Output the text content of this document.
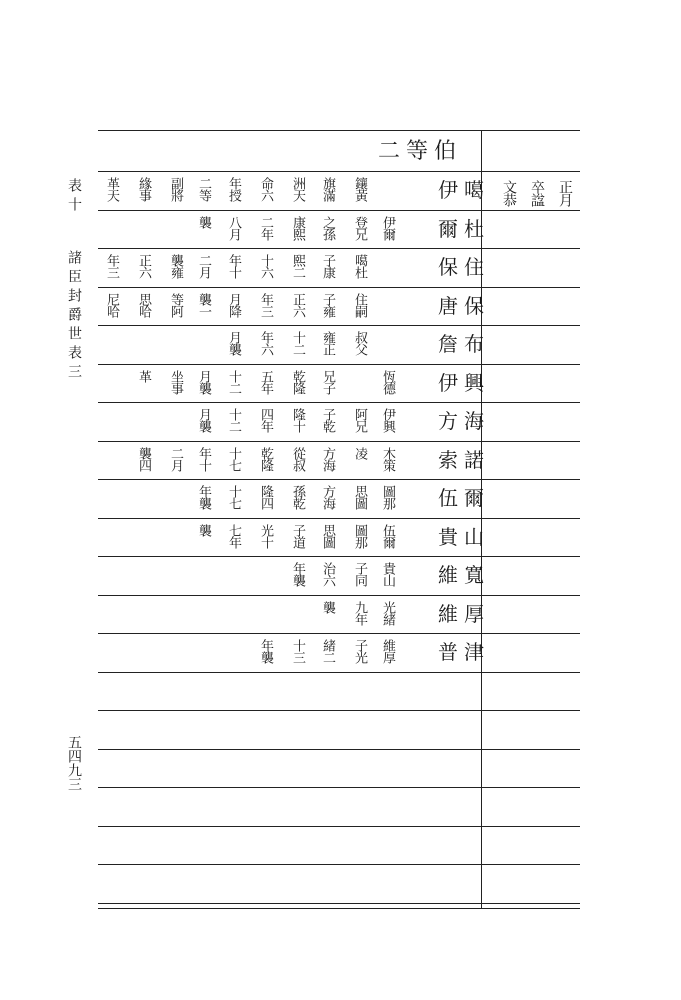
表十
諸臣封爵世表三
五四九三
二等伯
正月
卒諡
文恭
伊噶
鑲黃
旗滿
洲天
命六
年授
二等
副將
緣事
革天
爾杜
伊爾
登兄
之孫
康熙
二年
八月
襲
保住
噶杜
子康
熙二
十六
年十
二月
襲雍
正六
年三
唐保
住嗣
子雍
正六
年三
月降
襲一
等阿
思哈
尼哈
詹布
叔父
雍正
十二
年六
月襲
伊興
恆德
兄子
乾隆
五年
十二
月襲
坐事
革
方海
伊興
阿兄
子乾
隆十
四年
十二
月襲
索諾
木策
凌
方海
從叔
乾隆
十七
年十
二月
襲四
伍爾
圖那
思圖
方海
孫乾
隆四
十七
年襲
貴山
伍爾
圖那
思圖
子道
光十
七年
襲
維寬
貴山
子同
治六
年襲
維厚
光緒
九年
襲
普津
維厚
子光
緒二
十三
年襲
